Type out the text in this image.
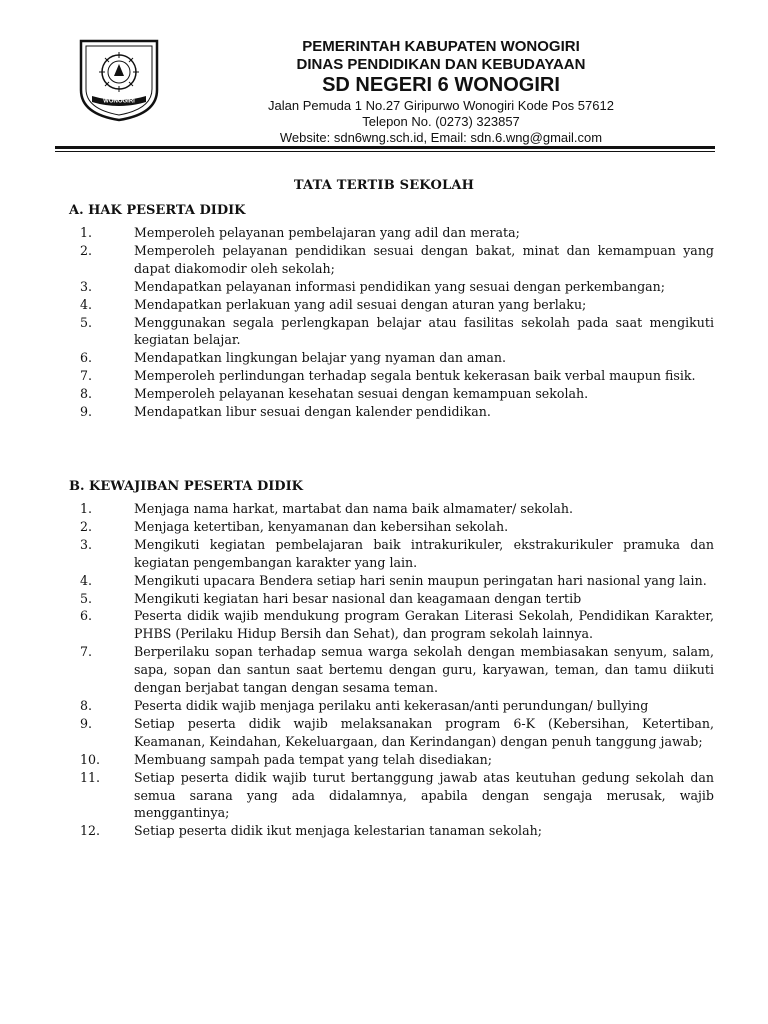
WONOGIRI
PEMERINTAH KABUPATEN WONOGIRI
DINAS PENDIDIKAN DAN KEBUDAYAAN
SD NEGERI 6 WONOGIRI
Jalan Pemuda 1 No.27 Giripurwo Wonogiri Kode Pos 57612
Telepon No. (0273) 323857
Website: sdn6wng.sch.id, Email: sdn.6.wng@gmail.com
TATA TERTIB SEKOLAH
A. HAK PESERTA DIDIK
1.	Memperoleh pelayanan pembelajaran yang adil dan merata;
2.	Memperoleh pelayanan pendidikan sesuai dengan bakat, minat dan kemampuan yang dapat diakomodir oleh sekolah;
3.	Mendapatkan pelayanan informasi pendidikan yang sesuai dengan perkembangan;
4.	Mendapatkan perlakuan yang adil sesuai dengan aturan yang berlaku;
5.	Menggunakan segala perlengkapan belajar atau fasilitas sekolah pada saat mengikuti kegiatan belajar.
6.	Mendapatkan lingkungan belajar yang nyaman dan aman.
7.	Memperoleh perlindungan terhadap segala bentuk kekerasan baik verbal maupun fisik.
8.	Memperoleh pelayanan kesehatan sesuai dengan kemampuan sekolah.
9.	Mendapatkan libur sesuai dengan kalender pendidikan.
B. KEWAJIBAN PESERTA DIDIK
1.	Menjaga nama harkat, martabat dan nama baik almamater/ sekolah.
2.	Menjaga ketertiban, kenyamanan dan kebersihan sekolah.
3.	Mengikuti kegiatan pembelajaran baik intrakurikuler, ekstrakurikuler pramuka dan kegiatan pengembangan karakter yang lain.
4.	Mengikuti upacara Bendera setiap hari senin maupun peringatan hari nasional yang lain.
5.	Mengikuti kegiatan hari besar nasional dan keagamaan dengan tertib
6.	Peserta didik wajib mendukung program Gerakan Literasi Sekolah, Pendidikan Karakter, PHBS (Perilaku Hidup Bersih dan Sehat), dan program sekolah lainnya.
7.	Berperilaku sopan terhadap semua warga sekolah dengan membiasakan senyum, salam, sapa, sopan dan santun saat bertemu dengan guru, karyawan, teman, dan tamu diikuti dengan berjabat tangan dengan sesama teman.
8.	Peserta didik wajib menjaga perilaku anti kekerasan/anti perundungan/ bullying
9.	Setiap peserta didik wajib melaksanakan program 6-K (Kebersihan, Ketertiban, Keamanan, Keindahan, Kekeluargaan, dan Kerindangan) dengan penuh tanggung jawab;
10.	Membuang sampah pada tempat yang telah disediakan;
11.	Setiap peserta didik wajib turut bertanggung jawab atas keutuhan gedung sekolah dan semua sarana yang ada didalamnya, apabila dengan sengaja merusak, wajib menggantinya;
12.	Setiap peserta didik ikut menjaga kelestarian tanaman sekolah;
